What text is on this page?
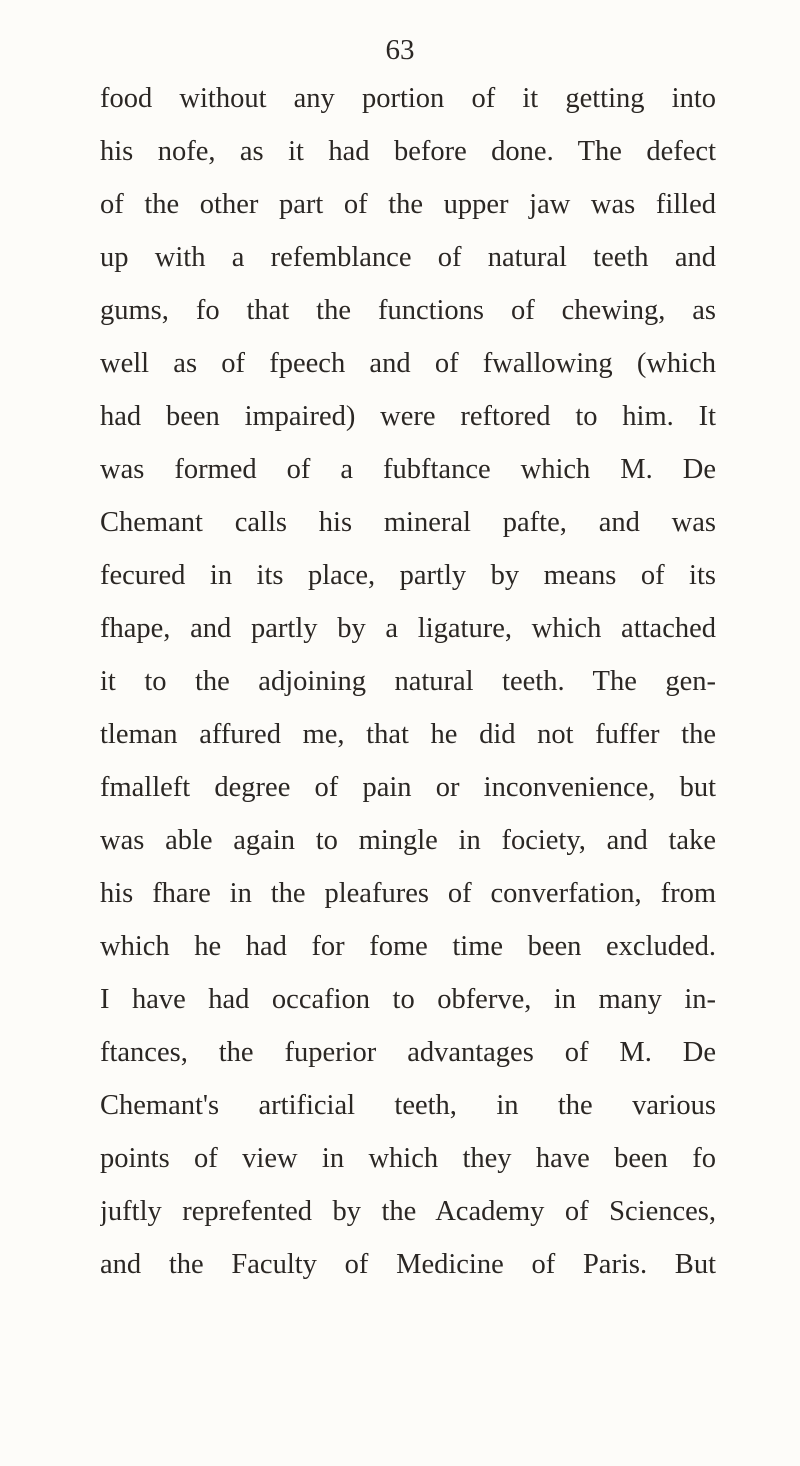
63
food without any portion of it getting into
his nofe, as it had before done. The defect
of the other part of the upper jaw was filled
up with a refemblance of natural teeth and
gums, fo that the functions of chewing, as
well as of fpeech and of fwallowing (which
had been impaired) were reftored to him. It
was formed of a fubftance which M. De
Chemant calls his mineral pafte, and was
fecured in its place, partly by means of its
fhape, and partly by a ligature, which attached
it to the adjoining natural teeth. The gen-
tleman affured me, that he did not fuffer the
fmalleft degree of pain or inconvenience, but
was able again to mingle in fociety, and take
his fhare in the pleafures of converfation, from
which he had for fome time been excluded.
I have had occafion to obferve, in many in-
ftances, the fuperior advantages of M. De
Chemant's artificial teeth, in the various
points of view in which they have been fo
juftly reprefented by the Academy of Sciences,
and the Faculty of Medicine of Paris. But
